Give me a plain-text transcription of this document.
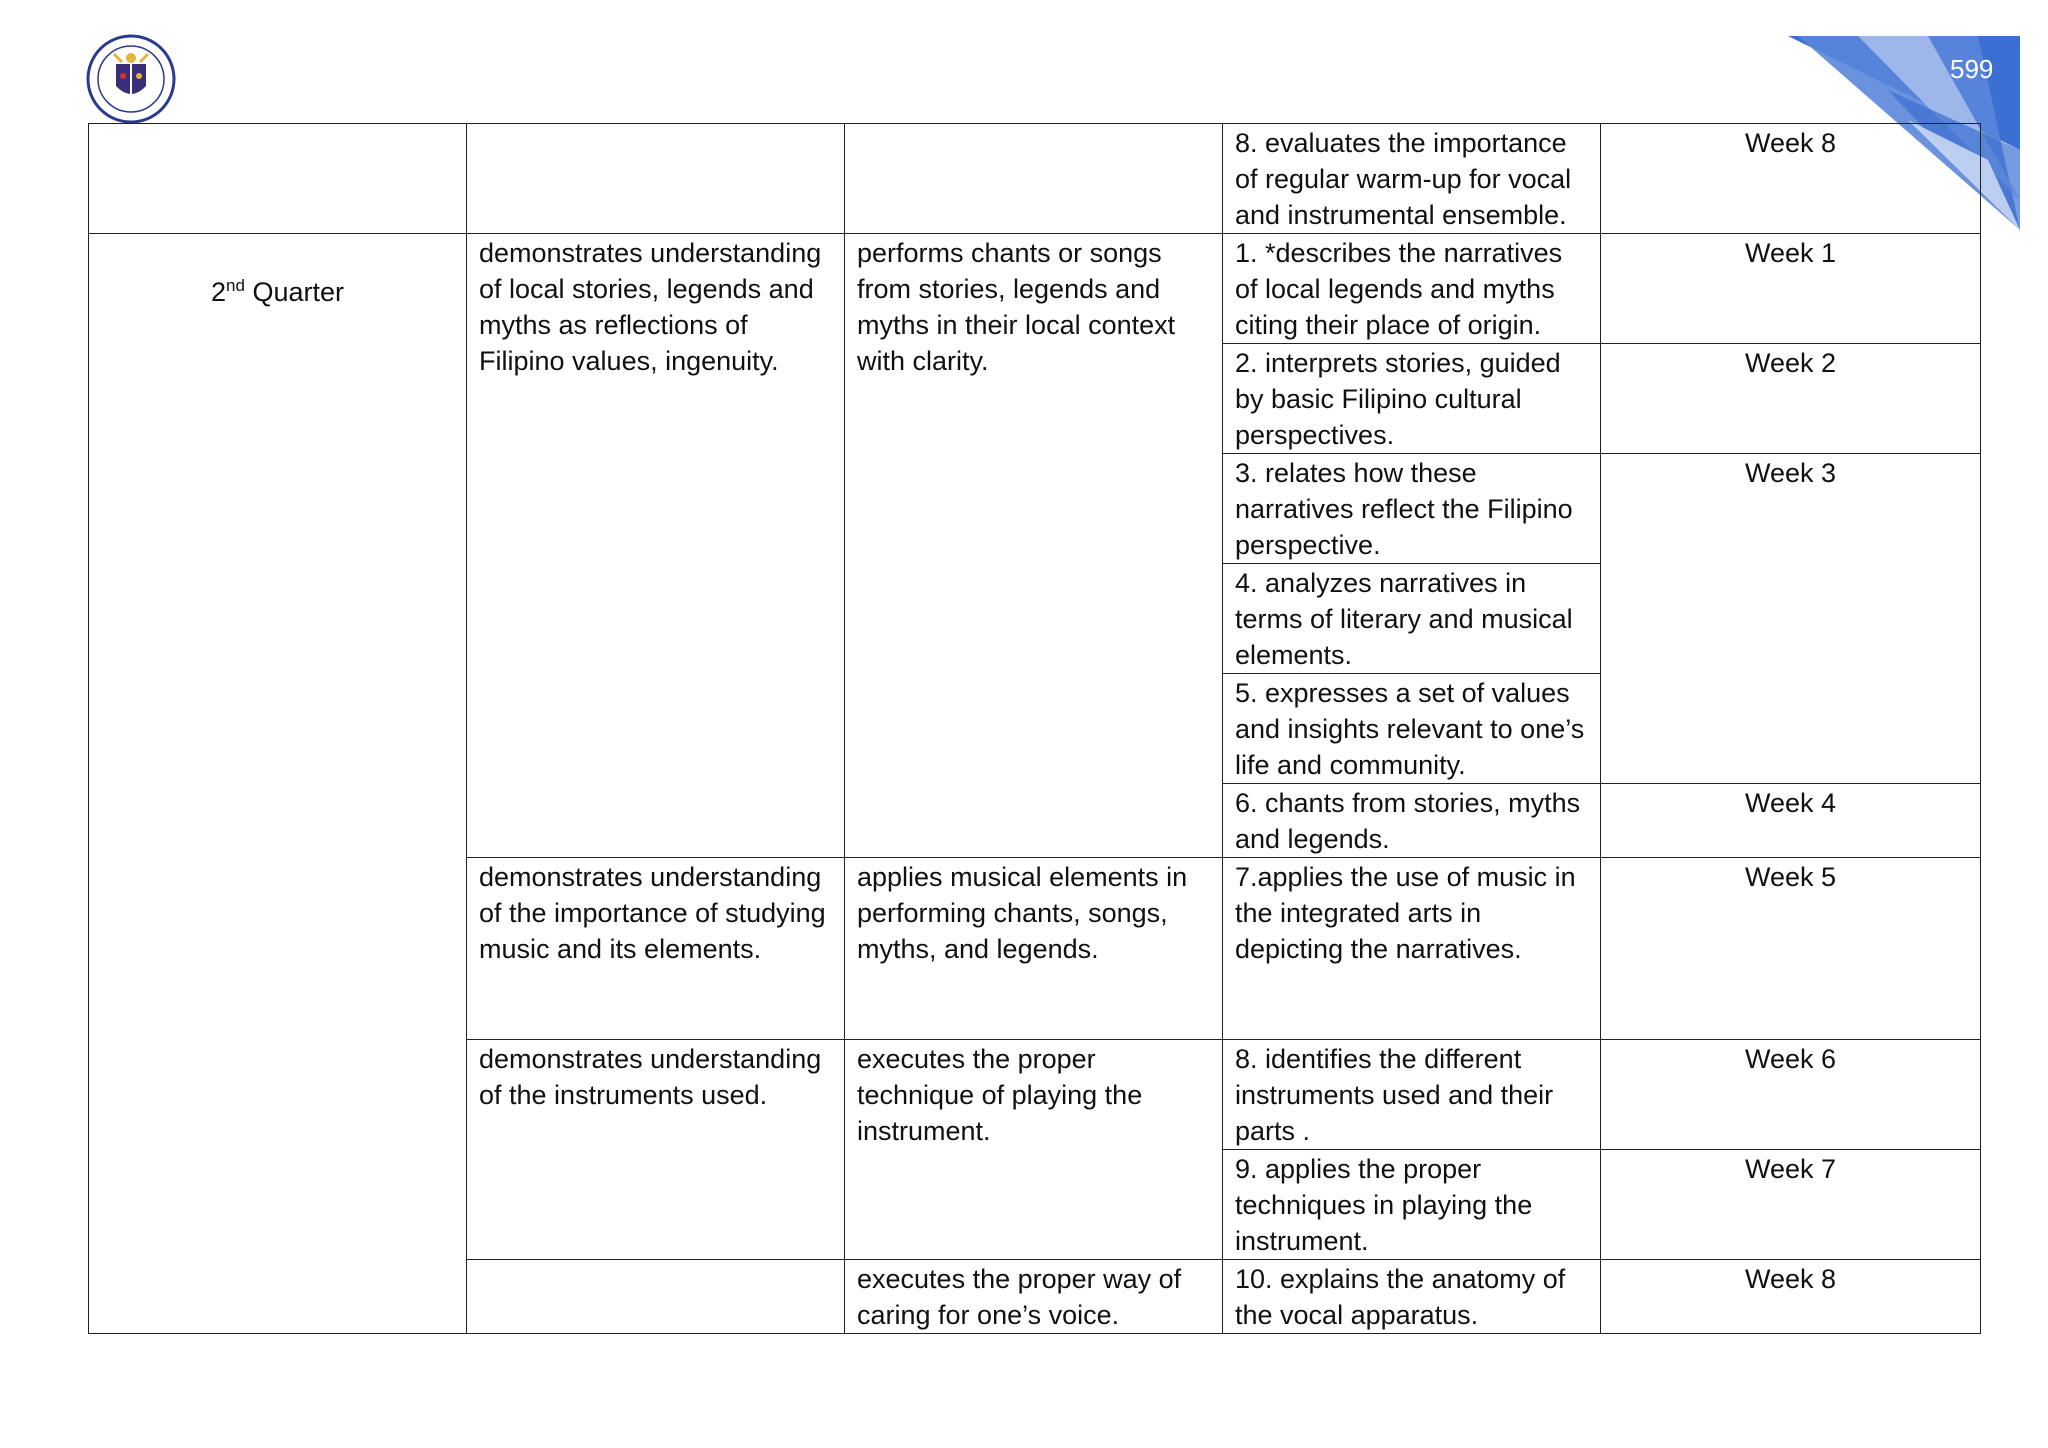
599
			8. evaluates the importance of regular warm-up for vocal and instrumental ensemble.	Week 8
2nd Quarter	demonstrates understanding of local stories, legends and myths as reflections of Filipino values, ingenuity.	performs chants or songs from stories, legends and myths in their local context with clarity.	1. *describes the narratives of local legends and myths citing their place of origin.	Week 1
			2. interprets stories, guided by basic Filipino cultural perspectives.	Week 2
			3. relates how these narratives reflect the Filipino perspective.	Week 3
			4. analyzes narratives in terms of literary and musical elements.	
			5. expresses a set of values and insights relevant to one’s life and community.	
			6. chants from stories, myths and legends.	Week 4
	demonstrates understanding of the importance of studying music and its elements.	applies musical elements in performing chants, songs, myths, and legends.	7.applies the use of music in the integrated arts in depicting the narratives.	Week 5
	demonstrates understanding of the instruments used.	executes the proper technique of playing the instrument.	8. identifies the different instruments used and their parts .	Week 6
			9. applies the proper techniques in playing the instrument.	Week 7
		executes the proper way of caring for one’s voice.	10. explains the anatomy of the vocal apparatus.	Week 8
